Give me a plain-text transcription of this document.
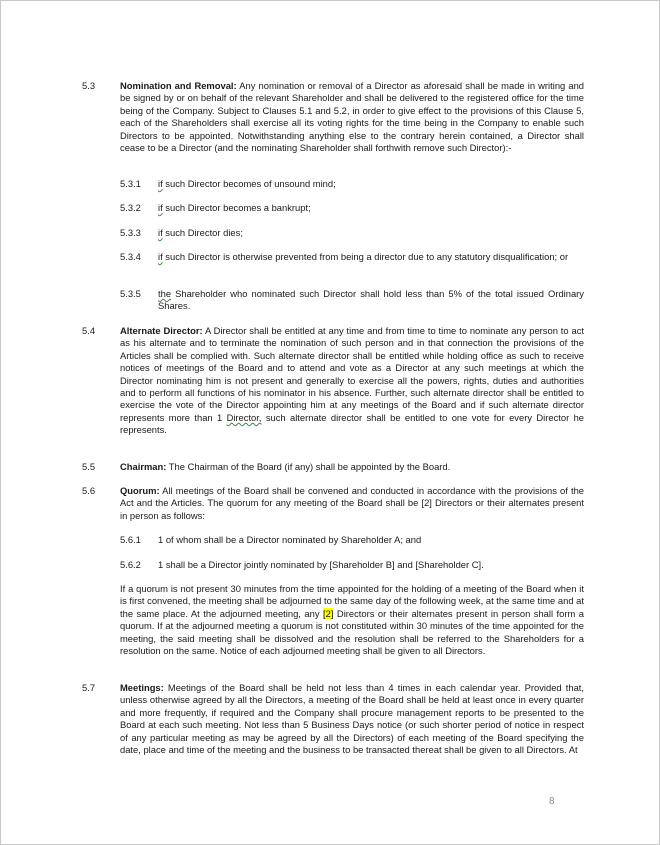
5.3	Nomination and Removal: Any nomination or removal of a Director as aforesaid shall be made in writing and be signed by or on behalf of the relevant Shareholder and shall be delivered to the registered office for the time being of the Company. Subject to Clauses 5.1 and 5.2, in order to give effect to the provisions of this Clause 5, each of the Shareholders shall exercise all its voting rights for the time being in the Company to enable such Directors to be appointed. Notwithstanding anything else to the contrary herein contained, a Director shall cease to be a Director (and the nominating Shareholder shall forthwith remove such Director):-
5.3.1 if such Director becomes of unsound mind;
5.3.2 if such Director becomes a bankrupt;
5.3.3 if such Director dies;
5.3.4 if such Director is otherwise prevented from being a director due to any statutory disqualification; or
5.3.5 the Shareholder who nominated such Director shall hold less than 5% of the total issued Ordinary Shares.
5.4	Alternate Director: A Director shall be entitled at any time and from time to time to nominate any person to act as his alternate and to terminate the nomination of such person and in that connection the provisions of the Articles shall be complied with. Such alternate director shall be entitled while holding office as such to receive notices of meetings of the Board and to attend and vote as a Director at any such meetings at which the Director nominating him is not present and generally to exercise all the powers, rights, duties and authorities and to perform all functions of his nominator in his absence. Further, such alternate director shall be entitled to exercise the vote of the Director appointing him at any meetings of the Board and if such alternate director represents more than 1 Director, such alternate director shall be entitled to one vote for every Director he represents.
5.5	Chairman: The Chairman of the Board (if any) shall be appointed by the Board.
5.6	Quorum: All meetings of the Board shall be convened and conducted in accordance with the provisions of the Act and the Articles. The quorum for any meeting of the Board shall be [2] Directors or their alternates present in person as follows:
5.6.1 1 of whom shall be a Director nominated by Shareholder A; and
5.6.2 1 shall be a Director jointly nominated by [Shareholder B] and [Shareholder C].
If a quorum is not present 30 minutes from the time appointed for the holding of a meeting of the Board when it is first convened, the meeting shall be adjourned to the same day of the following week, at the same time and at the same place. At the adjourned meeting, any [2] Directors or their alternates present in person shall form a quorum. If at the adjourned meeting a quorum is not constituted within 30 minutes of the time appointed for the meeting, the said meeting shall be dissolved and the resolution shall be referred to the Shareholders for a resolution on the same. Notice of each adjourned meeting shall be given to all Directors.
5.7	Meetings: Meetings of the Board shall be held not less than 4 times in each calendar year. Provided that, unless otherwise agreed by all the Directors, a meeting of the Board shall be held at least once in every quarter and more frequently, if required and the Company shall procure management reports to be presented to the Board at each such meeting. Not less than 5 Business Days notice (or such shorter period of notice in respect of any particular meeting as may be agreed by all the Directors) of each meeting of the Board specifying the date, place and time of the meeting and the business to be transacted thereat shall be given to all Directors. At
8
